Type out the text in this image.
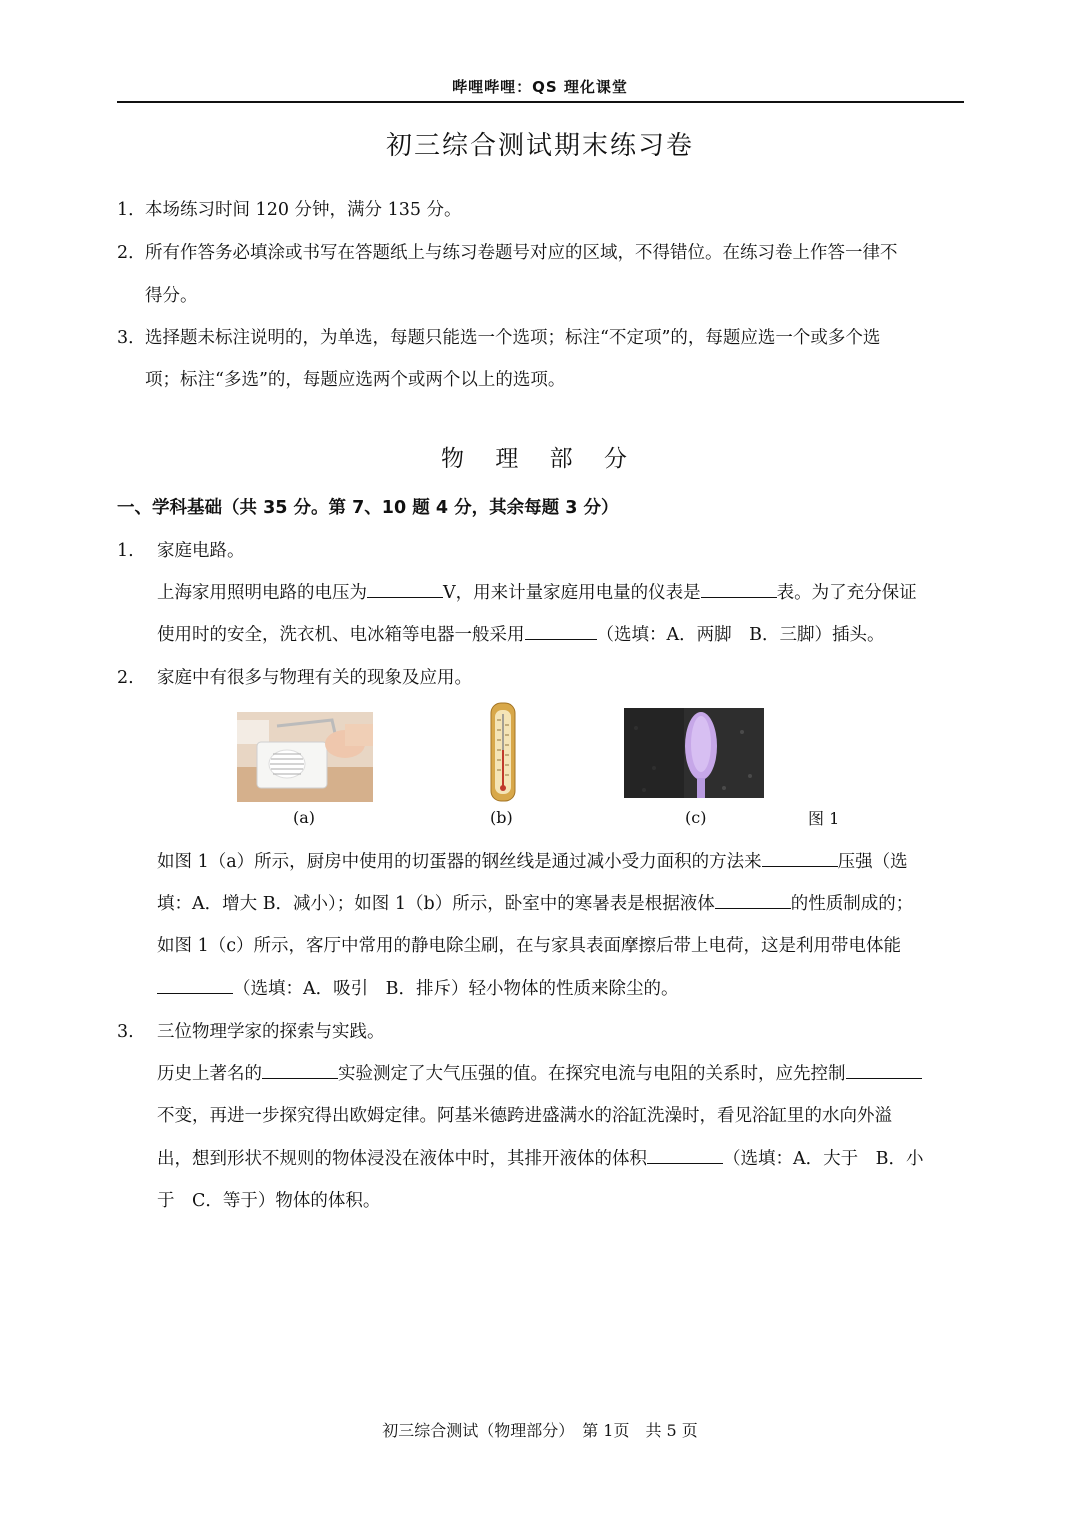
哔哩哔哩：QS 理化课堂
初三综合测试期末练习卷
1．本场练习时间 120 分钟，满分 135 分。
2．所有作答务必填涂或书写在答题纸上与练习卷题号对应的区域，不得错位。在练习卷上作答一律不
得分。
3．选择题未标注说明的，为单选，每题只能选一个选项；标注“不定项”的，每题应选一个或多个选
项；标注“多选”的，每题应选两个或两个以上的选项。
物 理 部 分
一、学科基础（共 35 分。第 7、10 题 4 分，其余每题 3 分）
1. 家庭电路。
上海家用照明电路的电压为	V，用来计量家庭用电量的仪表是	表。为了充分保证
使用时的安全，洗衣机、电冰箱等电器一般采用	（选填：A．两脚　B．三脚）插头。
2. 家庭中有很多与物理有关的现象及应用。
(a)	(b)	(c)	图 1
如图 1（a）所示，厨房中使用的切蛋器的钢丝线是通过减小受力面积的方法来	压强（选
填：A．增大 B．减小）；如图 1（b）所示，卧室中的寒暑表是根据液体	的性质制成的；
如图 1（c）所示，客厅中常用的静电除尘刷，在与家具表面摩擦后带上电荷，这是利用带电体能
（选填：A．吸引　B．排斥）轻小物体的性质来除尘的。
3. 三位物理学家的探索与实践。
历史上著名的	实验测定了大气压强的值。在探究电流与电阻的关系时，应先控制
不变，再进一步探究得出欧姆定律。阿基米德跨进盛满水的浴缸洗澡时，看见浴缸里的水向外溢
出，想到形状不规则的物体浸没在液体中时，其排开液体的体积	（选填：A．大于　B．小
于　C．等于）物体的体积。
初三综合测试（物理部分）　第 1页　共 5 页
